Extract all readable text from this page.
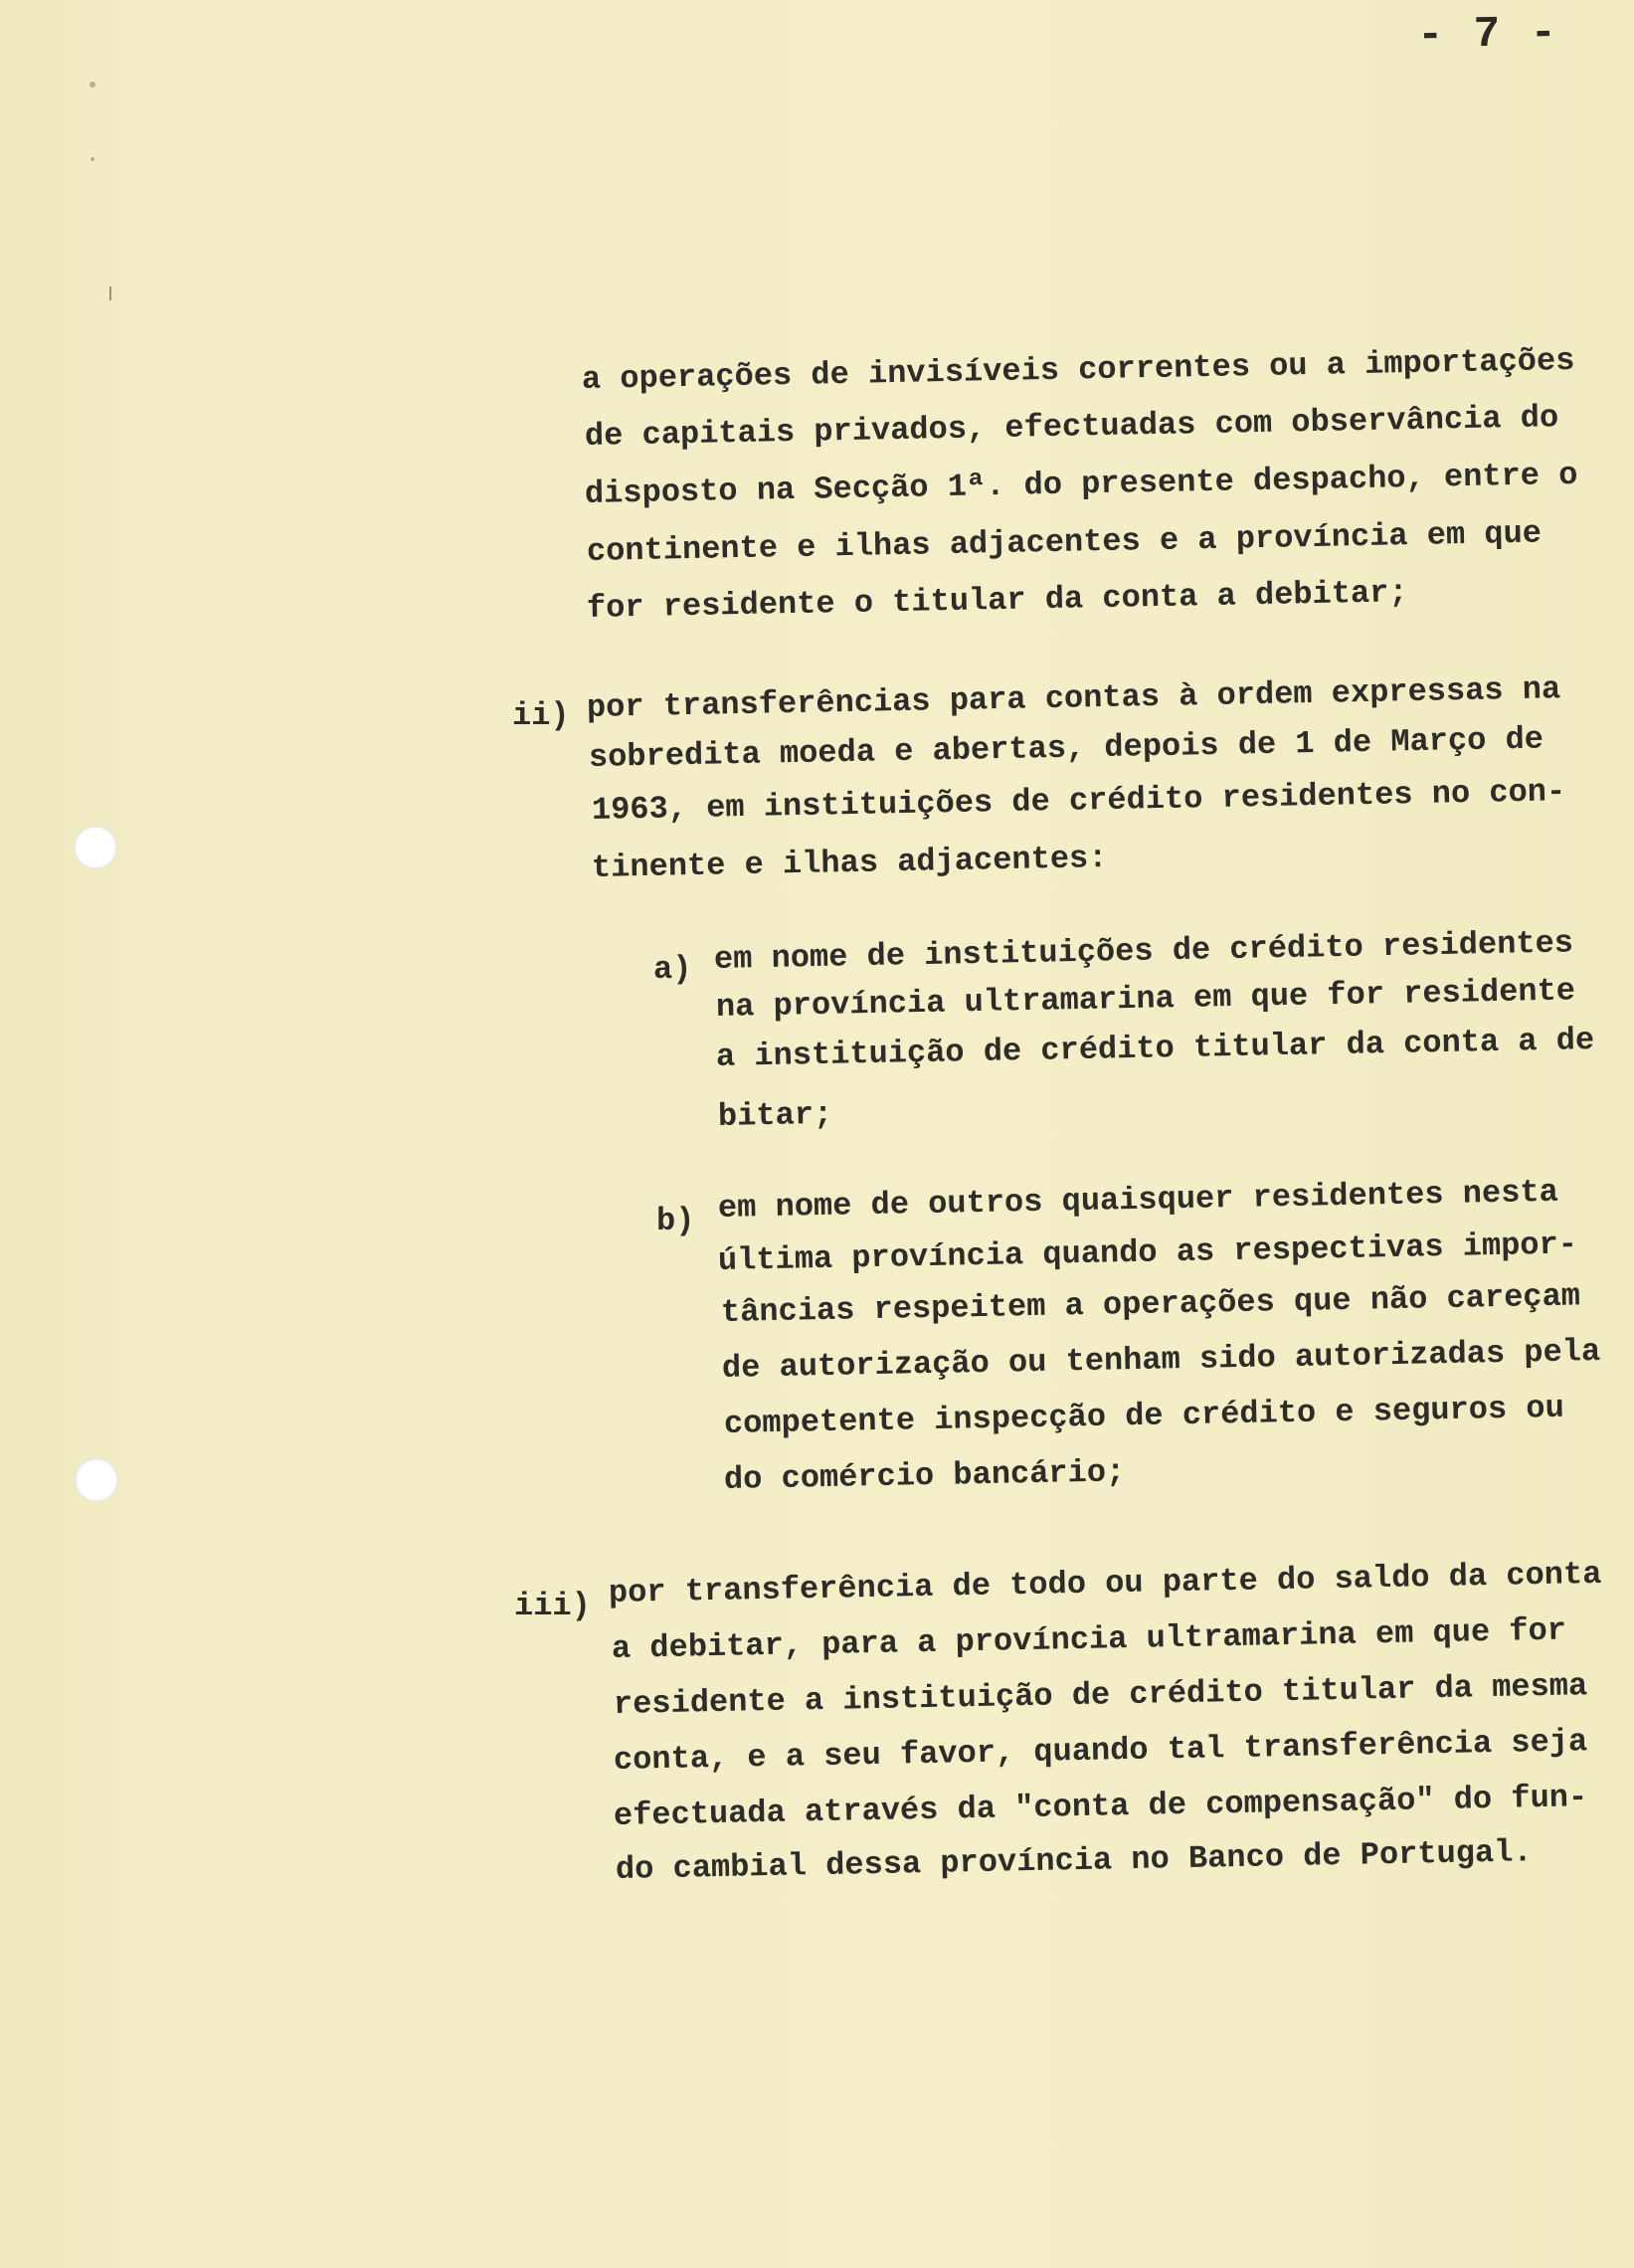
- 7 -
a operações de invisíveis correntes ou a importações
de capitais privados, efectuadas com observância do
disposto na Secção 1ª. do presente despacho, entre o
continente e ilhas adjacentes e a província em que
for residente o titular da conta a debitar;
ii) por transferências para contas à ordem expressas na
sobredita moeda e abertas, depois de 1 de Março de
1963, em instituições de crédito residentes no con-
tinente e ilhas adjacentes:
a) em nome de instituições de crédito residentes
na província ultramarina em que for residente
a instituição de crédito titular da conta a de
bitar;
b) em nome de outros quaisquer residentes nesta
última província quando as respectivas impor-
tâncias respeitem a operações que não careçam
de autorização ou tenham sido autorizadas pela
competente inspecção de crédito e seguros ou
do comércio bancário;
iii) por transferência de todo ou parte do saldo da conta
a debitar, para a província ultramarina em que for
residente a instituição de crédito titular da mesma
conta, e a seu favor, quando tal transferência seja
efectuada através da "conta de compensação" do fun-
do cambial dessa província no Banco de Portugal.
